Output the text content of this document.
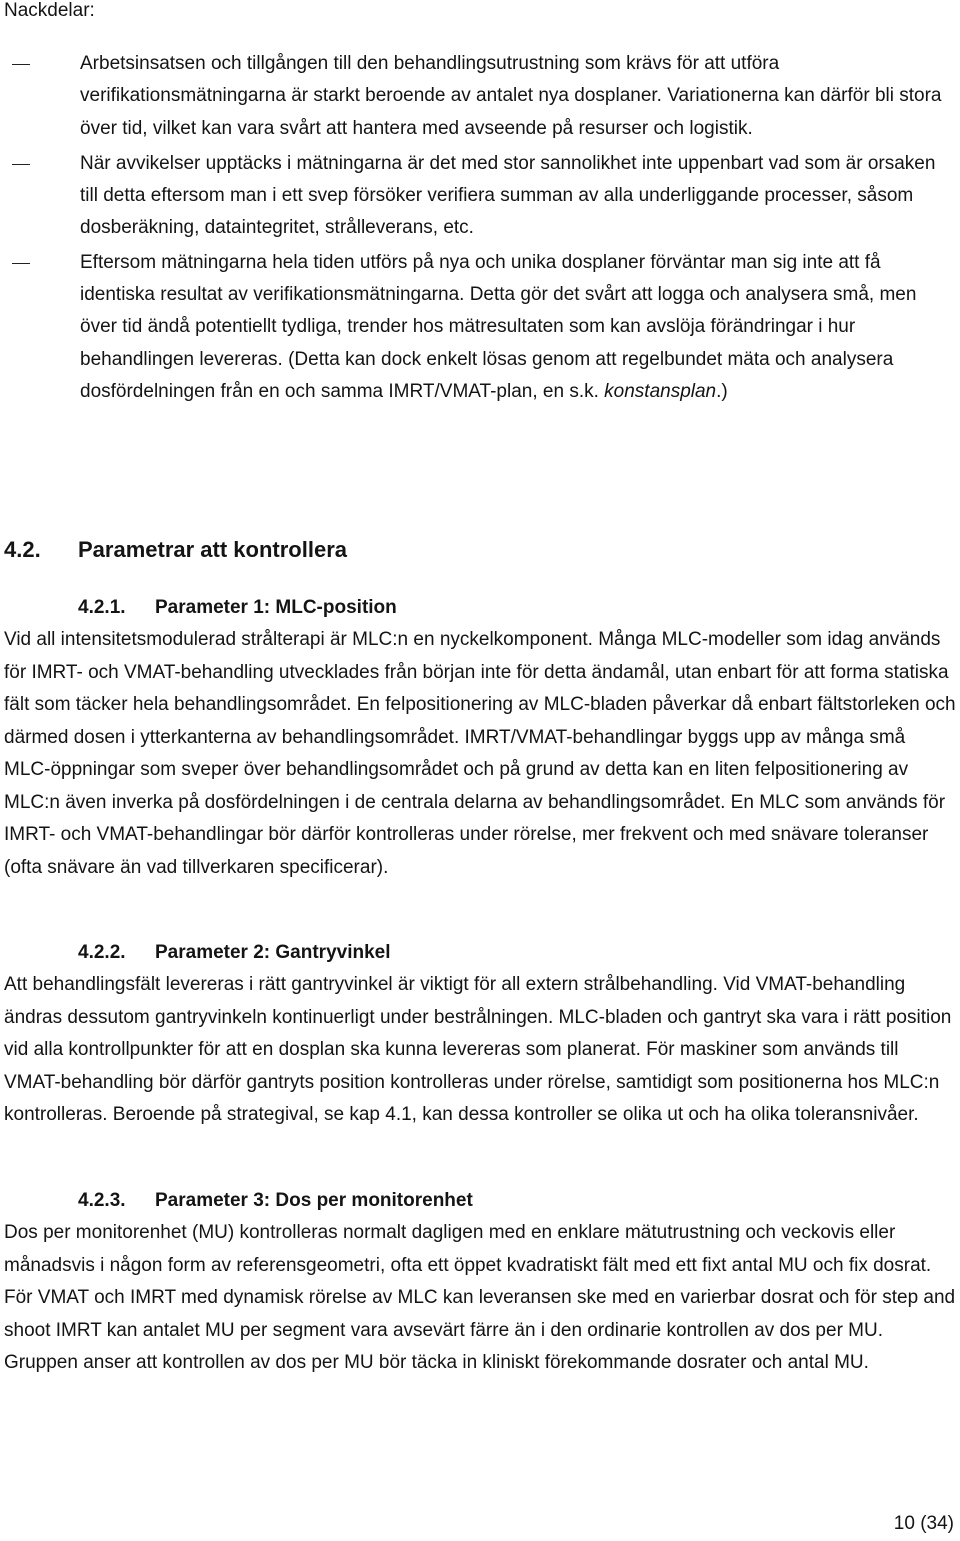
Nackdelar:
Arbetsinsatsen och tillgången till den behandlingsutrustning som krävs för att utföra verifikationsmätningarna är starkt beroende av antalet nya dosplaner. Variationerna kan därför bli stora över tid, vilket kan vara svårt att hantera med avseende på resurser och logistik.
När avvikelser upptäcks i mätningarna är det med stor sannolikhet inte uppenbart vad som är orsaken till detta eftersom man i ett svep försöker verifiera summan av alla underliggande processer, såsom dosberäkning, dataintegritet, strålleverans, etc.
Eftersom mätningarna hela tiden utförs på nya och unika dosplaner förväntar man sig inte att få identiska resultat av verifikationsmätningarna. Detta gör det svårt att logga och analysera små, men över tid ändå potentiellt tydliga, trender hos mätresultaten som kan avslöja förändringar i hur behandlingen levereras. (Detta kan dock enkelt lösas genom att regelbundet mäta och analysera dosfördelningen från en och samma IMRT/VMAT-plan, en s.k. konstansplan.)
4.2. Parametrar att kontrollera
4.2.1. Parameter 1: MLC-position
Vid all intensitetsmodulerad strålterapi är MLC:n en nyckelkomponent. Många MLC-modeller som idag används för IMRT- och VMAT-behandling utvecklades från början inte för detta ändamål, utan enbart för att forma statiska fält som täcker hela behandlingsområdet. En felpositionering av MLC-bladen påverkar då enbart fältstorleken och därmed dosen i ytterkanterna av behandlingsområdet. IMRT/VMAT-behandlingar byggs upp av många små MLC-öppningar som sveper över behandlingsområdet och på grund av detta kan en liten felpositionering av MLC:n även inverka på dosfördelningen i de centrala delarna av behandlingsområdet. En MLC som används för IMRT- och VMAT-behandlingar bör därför kontrolleras under rörelse, mer frekvent och med snävare toleranser (ofta snävare än vad tillverkaren specificerar).
4.2.2. Parameter 2: Gantryvinkel
Att behandlingsfält levereras i rätt gantryvinkel är viktigt för all extern strålbehandling. Vid VMAT-behandling ändras dessutom gantryvinkeln kontinuerligt under bestrålningen. MLC-bladen och gantryt ska vara i rätt position vid alla kontrollpunkter för att en dosplan ska kunna levereras som planerat. För maskiner som används till VMAT-behandling bör därför gantryts position kontrolleras under rörelse, samtidigt som positionerna hos MLC:n kontrolleras. Beroende på strategival, se kap 4.1, kan dessa kontroller se olika ut och ha olika toleransnivåer.
4.2.3. Parameter 3: Dos per monitorenhet
Dos per monitorenhet (MU) kontrolleras normalt dagligen med en enklare mätutrustning och veckovis eller månadsvis i någon form av referensgeometri, ofta ett öppet kvadratiskt fält med ett fixt antal MU och fix dosrat. För VMAT och IMRT med dynamisk rörelse av MLC kan leveransen ske med en varierbar dosrat och för step and shoot IMRT kan antalet MU per segment vara avsevärt färre än i den ordinarie kontrollen av dos per MU. Gruppen anser att kontrollen av dos per MU bör täcka in kliniskt förekommande dosrater och antal MU.
10 (34)
